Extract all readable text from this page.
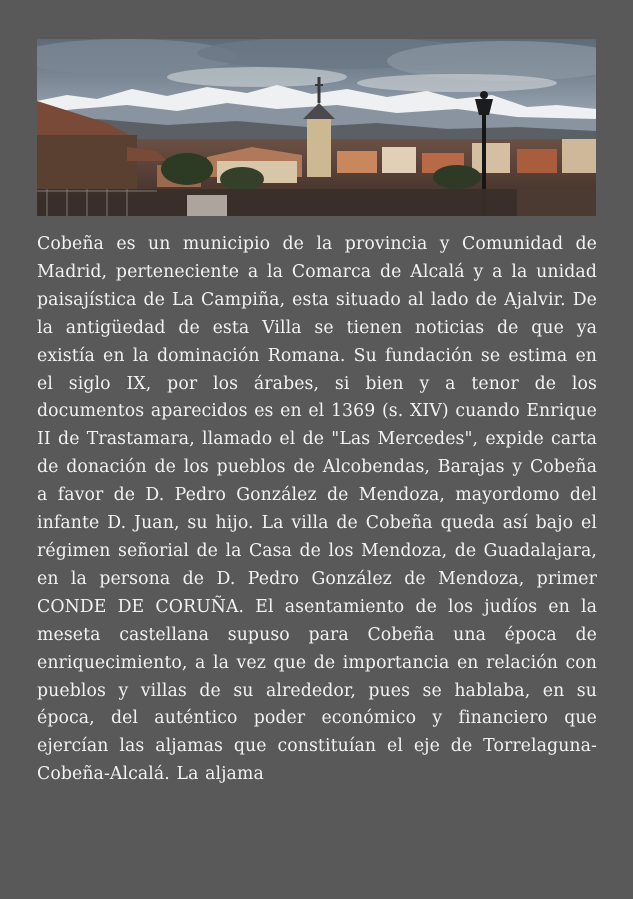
Cobeña es un municipio de la provincia y Comunidad de Madrid, perteneciente a la Comarca de Alcalá y a la unidad paisajística de La Campiña, esta situado al lado de Ajalvir. De la antigüedad de esta Villa se tienen noticias de que ya existía en la dominación Romana. Su fundación se estima en el siglo IX, por los árabes, si bien y a tenor de los documentos aparecidos es en el 1369 (s. XIV) cuando Enrique II de Trastamara, llamado el de "Las Mercedes", expide carta de donación de los pueblos de Alcobendas, Barajas y Cobeña a favor de D. Pedro González de Mendoza, mayordomo del infante D. Juan, su hijo. La villa de Cobeña queda así bajo el régimen señorial de la Casa de los Mendoza, de Guadalajara, en la persona de D. Pedro González de Mendoza, primer CONDE DE CORUÑA. El asentamiento de los judíos en la meseta castellana supuso para Cobeña una época de enriquecimiento, a la vez que de importancia en relación con pueblos y villas de su alrededor, pues se hablaba, en su época, del auténtico poder económico y financiero que ejercían las aljamas que constituían el eje de Torrelaguna-Cobeña-Alcalá. La aljama
